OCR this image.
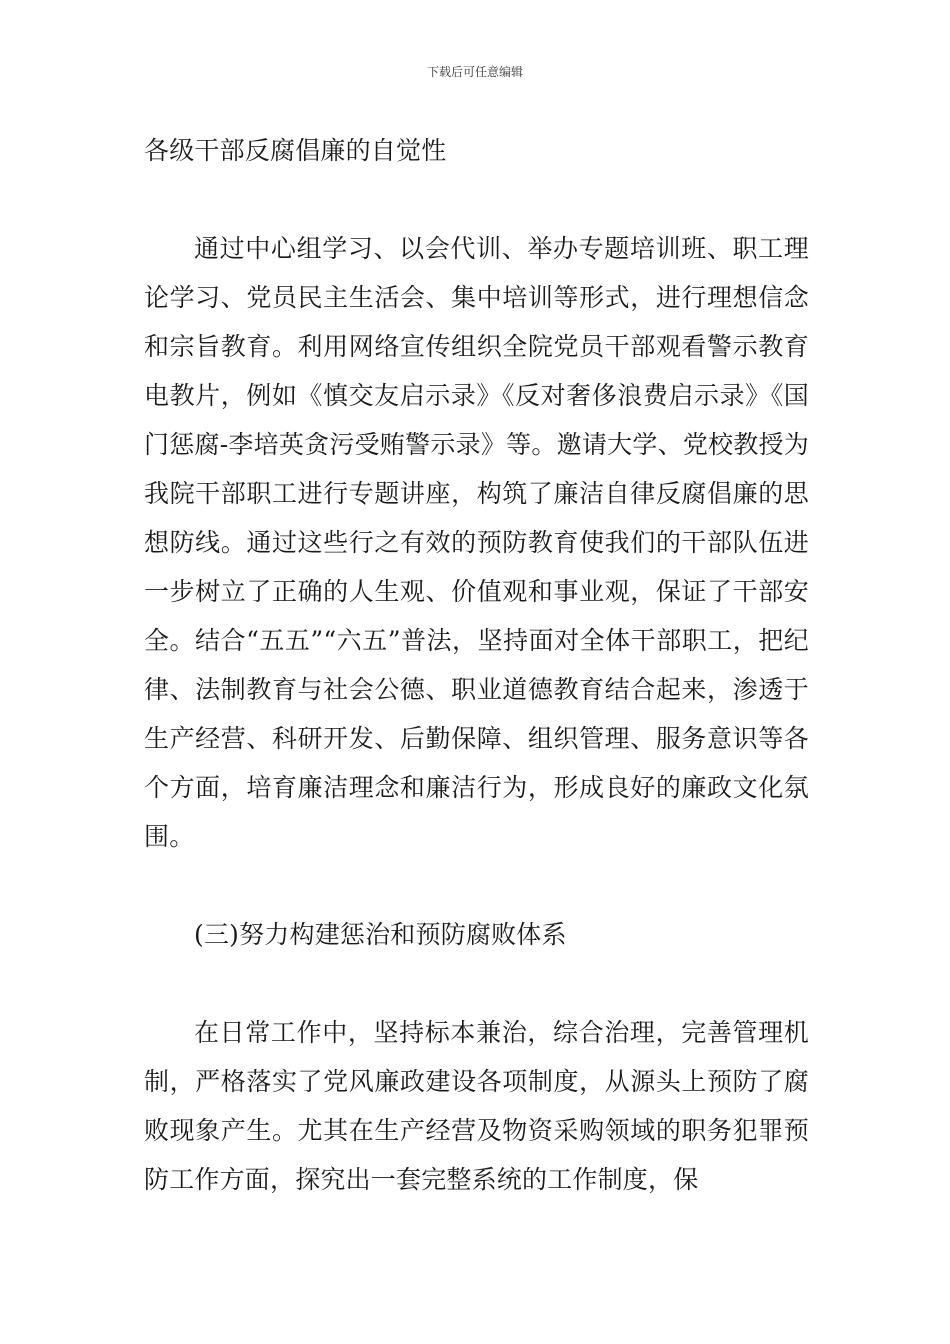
下载后可任意编辑

各级干部反腐倡廉的自觉性

通过中心组学习、以会代训、举办专题培训班、职工理论学习、党员民主生活会、集中培训等形式，进行理想信念和宗旨教育。利用网络宣传组织全院党员干部观看警示教育电教片，例如《慎交友启示录》《反对奢侈浪费启示录》《国门惩腐-李培英贪污受贿警示录》等。邀请大学、党校教授为我院干部职工进行专题讲座，构筑了廉洁自律反腐倡廉的思想防线。通过这些行之有效的预防教育使我们的干部队伍进一步树立了正确的人生观、价值观和事业观，保证了干部安全。结合“五五”“六五”普法，坚持面对全体干部职工，把纪律、法制教育与社会公德、职业道德教育结合起来，渗透于生产经营、科研开发、后勤保障、组织管理、服务意识等各个方面，培育廉洁理念和廉洁行为，形成良好的廉政文化氛围。

(三)努力构建惩治和预防腐败体系

在日常工作中，坚持标本兼治，综合治理，完善管理机制，严格落实了党风廉政建设各项制度，从源头上预防了腐败现象产生。尤其在生产经营及物资采购领域的职务犯罪预防工作方面，探究出一套完整系统的工作制度，保
